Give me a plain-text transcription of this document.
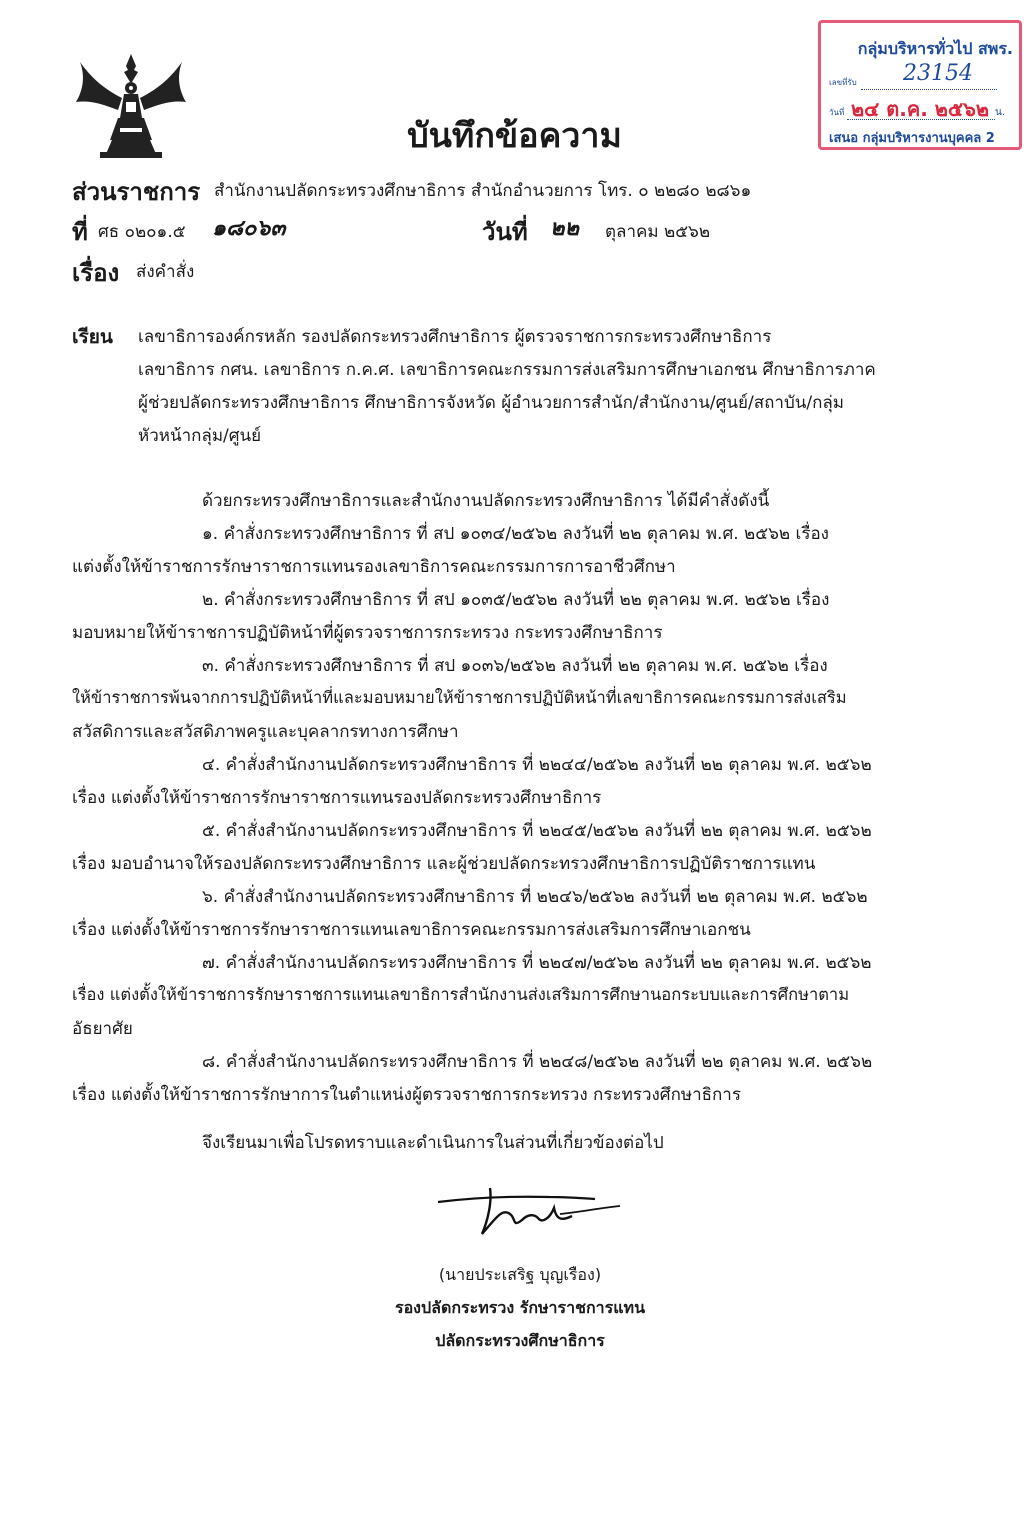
บันทึกข้อความ
กลุ่มบริหารทั่วไป สพร.
เลขที่รับ 23154
วันที่ ๒๔ ต.ค. ๒๕๖๒ น.
เสนอ กลุ่มบริหารงานบุคคล 2
ส่วนราชการ สำนักงานปลัดกระทรวงศึกษาธิการ สำนักอำนวยการ โทร. ๐ ๒๒๘๐ ๒๘๖๑
ที่ ศธ ๐๒๐๑.๕ ๑๘๐๖๓	วันที่ ๒๒ ตุลาคม ๒๕๖๒
เรื่อง ส่งคำสั่ง
เรียน เลขาธิการองค์กรหลัก รองปลัดกระทรวงศึกษาธิการ ผู้ตรวจราชการกระทรวงศึกษาธิการ
เลขาธิการ กศน. เลขาธิการ ก.ค.ศ. เลขาธิการคณะกรรมการส่งเสริมการศึกษาเอกชน ศึกษาธิการภาค
ผู้ช่วยปลัดกระทรวงศึกษาธิการ ศึกษาธิการจังหวัด ผู้อำนวยการสำนัก/สำนักงาน/ศูนย์/สถาบัน/กลุ่ม
หัวหน้ากลุ่ม/ศูนย์
ด้วยกระทรวงศึกษาธิการและสำนักงานปลัดกระทรวงศึกษาธิการ ได้มีคำสั่งดังนี้
๑. คำสั่งกระทรวงศึกษาธิการ ที่ สป ๑๐๓๔/๒๕๖๒ ลงวันที่ ๒๒ ตุลาคม พ.ศ. ๒๕๖๒ เรื่อง
แต่งตั้งให้ข้าราชการรักษาราชการแทนรองเลขาธิการคณะกรรมการการอาชีวศึกษา
๒. คำสั่งกระทรวงศึกษาธิการ ที่ สป ๑๐๓๕/๒๕๖๒ ลงวันที่ ๒๒ ตุลาคม พ.ศ. ๒๕๖๒ เรื่อง
มอบหมายให้ข้าราชการปฏิบัติหน้าที่ผู้ตรวจราชการกระทรวง กระทรวงศึกษาธิการ
๓. คำสั่งกระทรวงศึกษาธิการ ที่ สป ๑๐๓๖/๒๕๖๒ ลงวันที่ ๒๒ ตุลาคม พ.ศ. ๒๕๖๒ เรื่อง
ให้ข้าราชการพ้นจากการปฏิบัติหน้าที่และมอบหมายให้ข้าราชการปฏิบัติหน้าที่เลขาธิการคณะกรรมการส่งเสริม
สวัสดิการและสวัสดิภาพครูและบุคลากรทางการศึกษา
๔. คำสั่งสำนักงานปลัดกระทรวงศึกษาธิการ ที่ ๒๒๔๔/๒๕๖๒ ลงวันที่ ๒๒ ตุลาคม พ.ศ. ๒๕๖๒
เรื่อง แต่งตั้งให้ข้าราชการรักษาราชการแทนรองปลัดกระทรวงศึกษาธิการ
๕. คำสั่งสำนักงานปลัดกระทรวงศึกษาธิการ ที่ ๒๒๔๕/๒๕๖๒ ลงวันที่ ๒๒ ตุลาคม พ.ศ. ๒๕๖๒
เรื่อง มอบอำนาจให้รองปลัดกระทรวงศึกษาธิการ และผู้ช่วยปลัดกระทรวงศึกษาธิการปฏิบัติราชการแทน
๖. คำสั่งสำนักงานปลัดกระทรวงศึกษาธิการ ที่ ๒๒๔๖/๒๕๖๒ ลงวันที่ ๒๒ ตุลาคม พ.ศ. ๒๕๖๒
เรื่อง แต่งตั้งให้ข้าราชการรักษาราชการแทนเลขาธิการคณะกรรมการส่งเสริมการศึกษาเอกชน
๗. คำสั่งสำนักงานปลัดกระทรวงศึกษาธิการ ที่ ๒๒๔๗/๒๕๖๒ ลงวันที่ ๒๒ ตุลาคม พ.ศ. ๒๕๖๒
เรื่อง แต่งตั้งให้ข้าราชการรักษาราชการแทนเลขาธิการสำนักงานส่งเสริมการศึกษานอกระบบและการศึกษาตาม
อัธยาศัย
๘. คำสั่งสำนักงานปลัดกระทรวงศึกษาธิการ ที่ ๒๒๔๘/๒๕๖๒ ลงวันที่ ๒๒ ตุลาคม พ.ศ. ๒๕๖๒
เรื่อง แต่งตั้งให้ข้าราชการรักษาการในตำแหน่งผู้ตรวจราชการกระทรวง กระทรวงศึกษาธิการ
จึงเรียนมาเพื่อโปรดทราบและดำเนินการในส่วนที่เกี่ยวข้องต่อไป
(นายประเสริฐ บุญเรือง)
รองปลัดกระทรวง รักษาราชการแทน
ปลัดกระทรวงศึกษาธิการ
